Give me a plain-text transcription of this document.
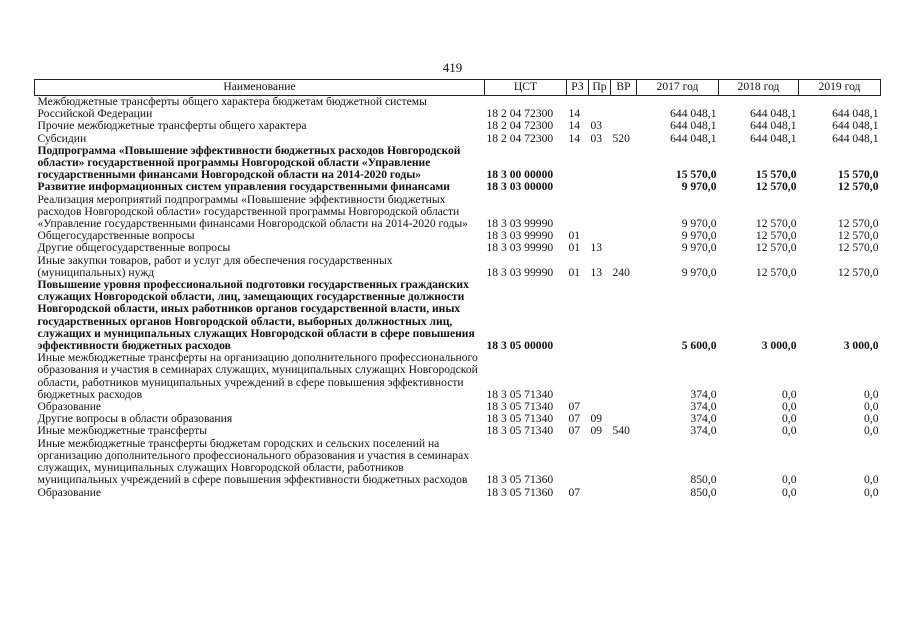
419
Наименование	ЦСТ	РЗ	Пр	ВР	2017 год	2018 год	2019 год
Межбюджетные трансферты общего характера бюджетам бюджетной системы Российской Федерации	18 2 04 72300	14			644 048,1	644 048,1	644 048,1
Прочие межбюджетные трансферты общего характера	18 2 04 72300	14	03		644 048,1	644 048,1	644 048,1
Субсидии	18 2 04 72300	14	03	520	644 048,1	644 048,1	644 048,1
Подпрограмма «Повышение эффективности бюджетных расходов Новгородской области» государственной программы Новгородской области «Управление государственными финансами Новгородской области на 2014-2020 годы»	18 3 00 00000				15 570,0	15 570,0	15 570,0
Развитие информационных систем управления государственными финансами	18 3 03 00000				9 970,0	12 570,0	12 570,0
Реализация мероприятий подпрограммы «Повышение эффективности бюджетных расходов Новгородской области» государственной программы Новгородской области «Управление государственными финансами Новгородской области на 2014-2020 годы»	18 3 03 99990				9 970,0	12 570,0	12 570,0
Общегосударственные вопросы	18 3 03 99990	01			9 970,0	12 570,0	12 570,0
Другие общегосударственные вопросы	18 3 03 99990	01	13		9 970,0	12 570,0	12 570,0
Иные закупки товаров, работ и услуг для обеспечения государственных (муниципальных) нужд	18 3 03 99990	01	13	240	9 970,0	12 570,0	12 570,0
Повышение уровня профессиональной подготовки государственных гражданских служащих Новгородской области, лиц, замещающих государственные должности Новгородской области, иных работников органов государственной власти, иных государственных органов Новгородской области, выборных должностных лиц, служащих и муниципальных служащих Новгородской области в сфере повышения эффективности бюджетных расходов	18 3 05 00000				5 600,0	3 000,0	3 000,0
Иные межбюджетные трансферты на организацию дополнительного профессионального образования и участия в семинарах служащих, муниципальных служащих Новгородской области, работников муниципальных учреждений в сфере повышения эффективности бюджетных расходов	18 3 05 71340				374,0	0,0	0,0
Образование	18 3 05 71340	07			374,0	0,0	0,0
Другие вопросы в области образования	18 3 05 71340	07	09		374,0	0,0	0,0
Иные межбюджетные трансферты	18 3 05 71340	07	09	540	374,0	0,0	0,0
Иные межбюджетные трансферты бюджетам городских и сельских поселений на организацию дополнительного профессионального образования и участия в семинарах служащих, муниципальных служащих Новгородской области, работников муниципальных учреждений в сфере повышения эффективности бюджетных расходов	18 3 05 71360				850,0	0,0	0,0
Образование	18 3 05 71360	07			850,0	0,0	0,0
